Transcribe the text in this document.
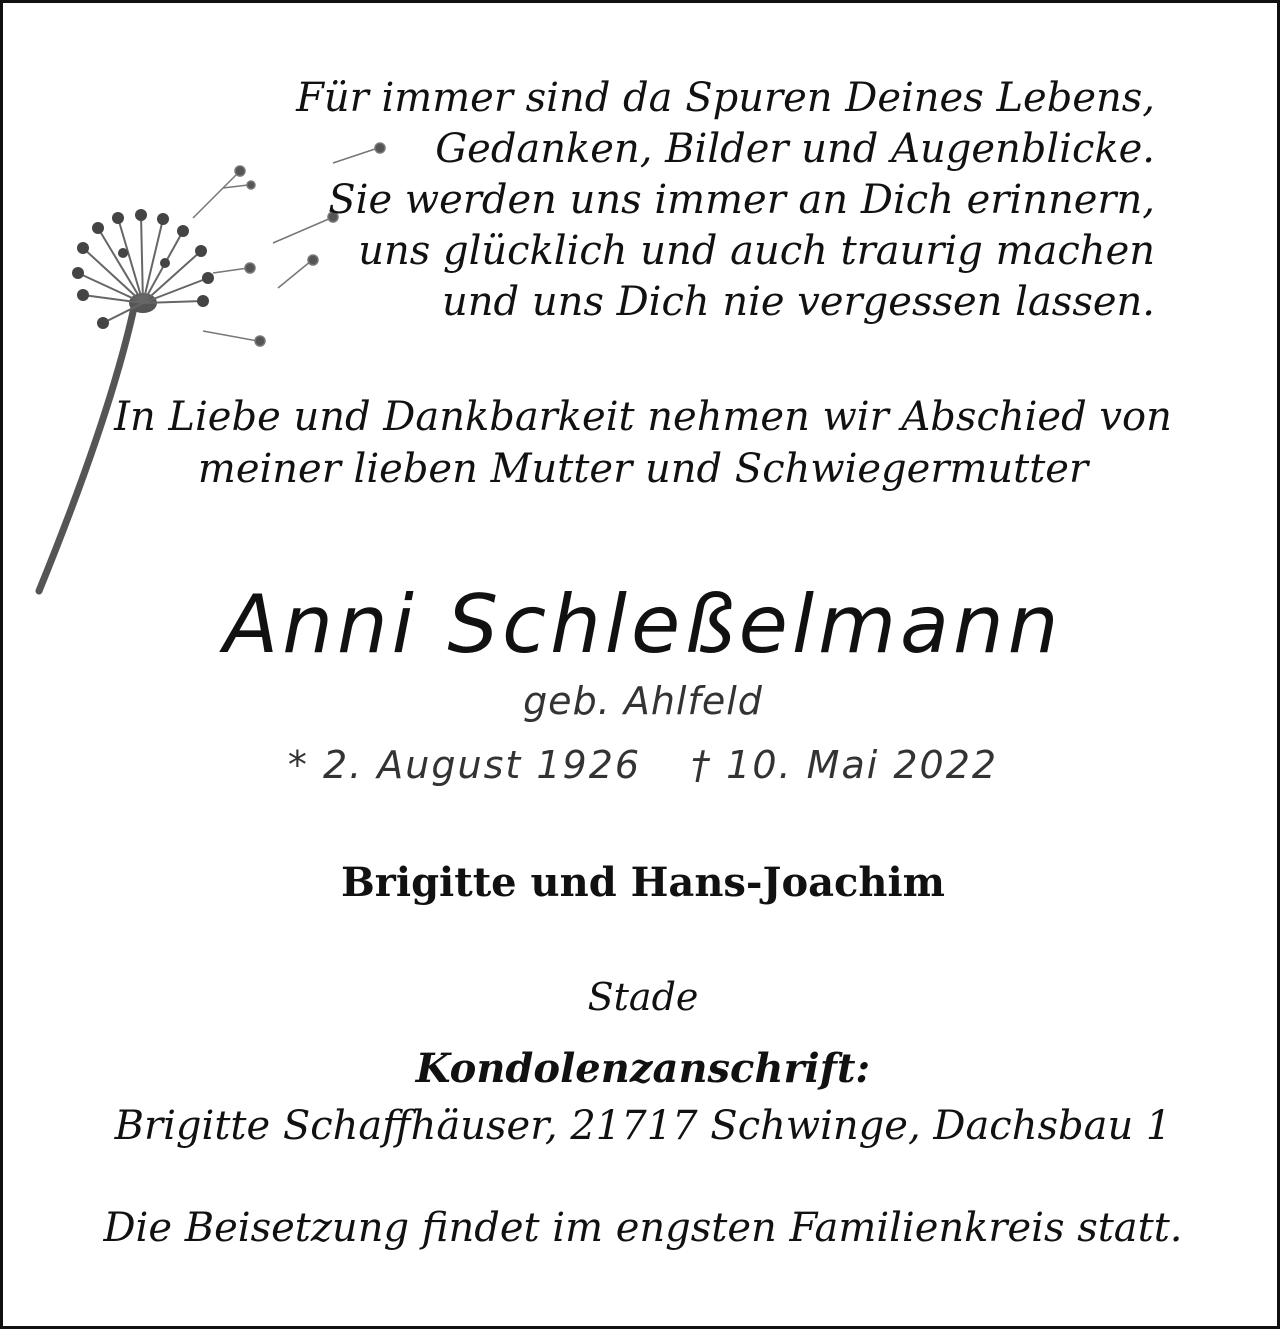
Für immer sind da Spuren Deines Lebens,
Gedanken, Bilder und Augenblicke.
Sie werden uns immer an Dich erinnern,
uns glücklich und auch traurig machen
und uns Dich nie vergessen lassen.
In Liebe und Dankbarkeit nehmen wir Abschied von
meiner lieben Mutter und Schwiegermutter
Anni Schleßelmann
geb. Ahlfeld
* 2. August 1926 † 10. Mai 2022
Brigitte und Hans-Joachim
Stade
Kondolenzanschrift:
Brigitte Schaffhäuser, 21717 Schwinge, Dachsbau 1
Die Beisetzung findet im engsten Familienkreis statt.
